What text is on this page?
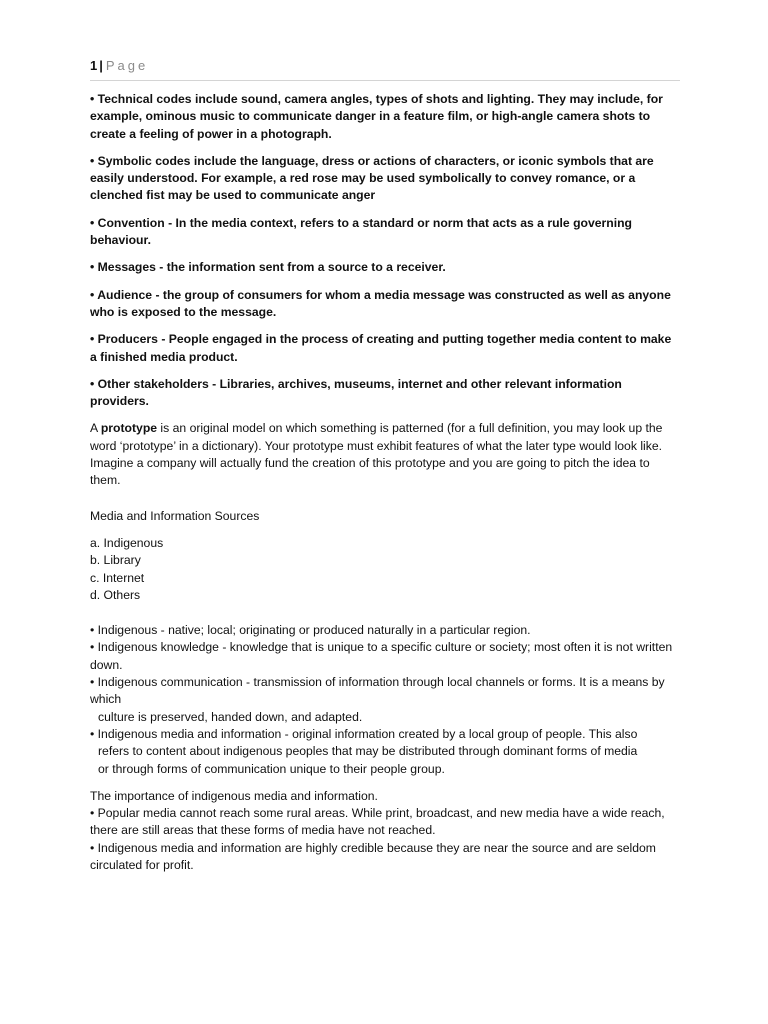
1 | Page
• Technical codes include sound, camera angles, types of shots and lighting. They may include, for example, ominous music to communicate danger in a feature film, or high-angle camera shots to create a feeling of power in a photograph.
• Symbolic codes include the language, dress or actions of characters, or iconic symbols that are easily understood. For example, a red rose may be used symbolically to convey romance, or a clenched fist may be used to communicate anger
• Convention - In the media context, refers to a standard or norm that acts as a rule governing behaviour.
• Messages - the information sent from a source to a receiver.
• Audience - the group of consumers for whom a media message was constructed as well as anyone who is exposed to the message.
• Producers - People engaged in the process of creating and putting together media content to make a finished media product.
• Other stakeholders - Libraries, archives, museums, internet and other relevant information providers.
A prototype is an original model on which something is patterned (for a full definition, you may look up the word ‘prototype’ in a dictionary). Your prototype must exhibit features of what the later type would look like. Imagine a company will actually fund the creation of this prototype and you are going to pitch the idea to them.
Media and Information Sources
a. Indigenous
b. Library
c. Internet
d. Others
• Indigenous - native; local; originating or produced naturally in a particular region.
• Indigenous knowledge - knowledge that is unique to a specific culture or society; most often it is not written down.
• Indigenous communication - transmission of information through local channels or forms. It is a means by which
culture is preserved, handed down, and adapted.
• Indigenous media and information - original information created by a local group of people. This also
refers to content about indigenous peoples that may be distributed through dominant forms of media
or through forms of communication unique to their people group.
The importance of indigenous media and information.
• Popular media cannot reach some rural areas. While print, broadcast, and new media have a wide reach, there are still areas that these forms of media have not reached.
• Indigenous media and information are highly credible because they are near the source and are seldom circulated for profit.
